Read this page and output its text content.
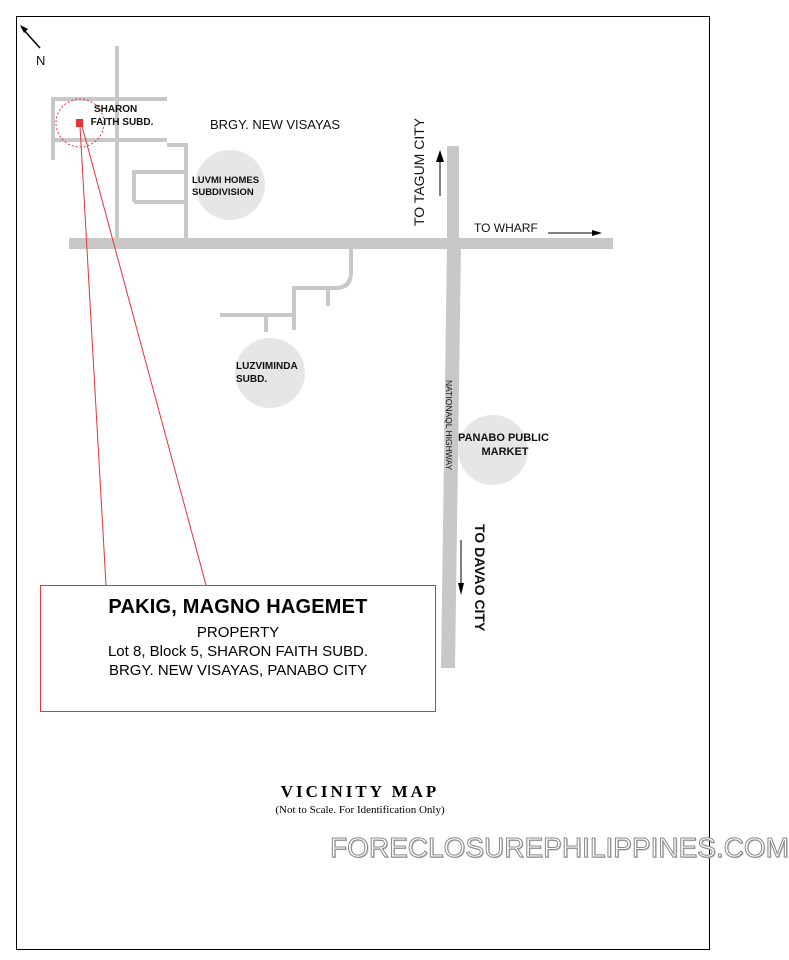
N
SHARON FAITH SUBD.	BRGY. NEW VISAYAS
LUVMI HOMES SUBDIVISION	TO TAGUM CITY
TO WHARF
LUZVIMINDA SUBD.
NATIONAQL HIGHWAY PANABO PUBLIC MARKET
TO DAVAO CITY
PAKIG, MAGNO HAGEMET
PROPERTY
Lot 8, Block 5, SHARON FAITH SUBD.
BRGY. NEW VISAYAS, PANABO CITY
VICINITY MAP
(Not to Scale. For Identification Only)
FORECLOSUREPHILIPPINES.COM
